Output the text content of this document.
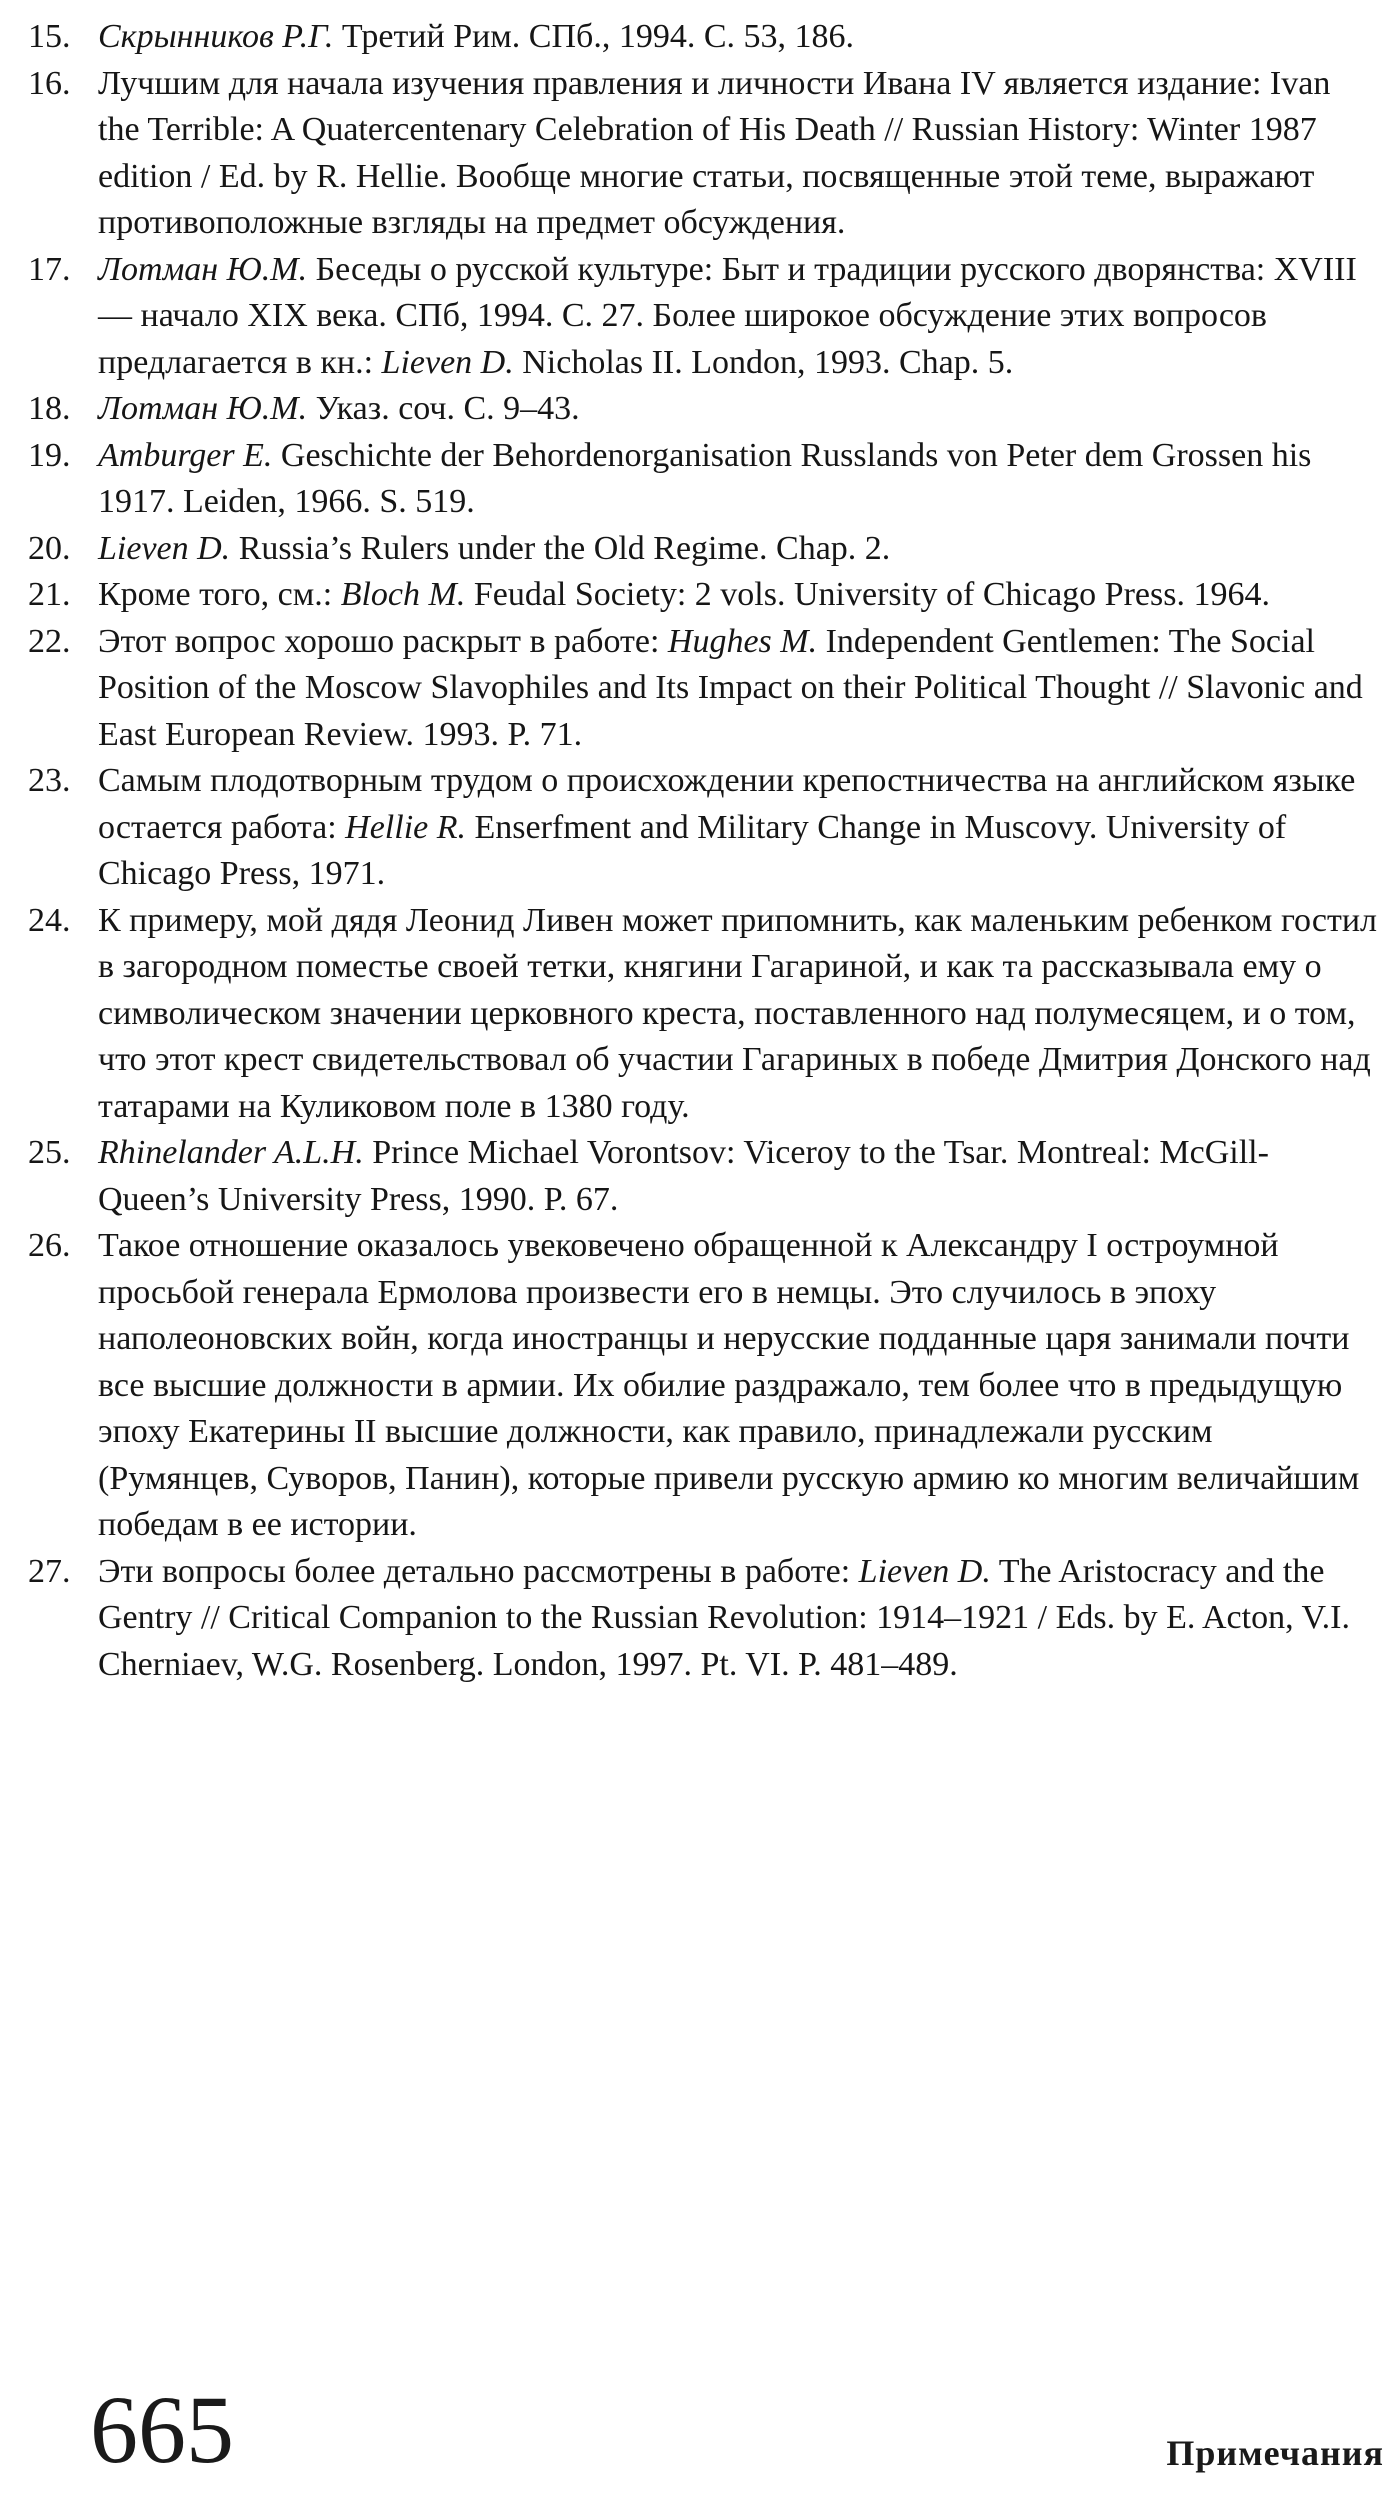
15. Скрынников Р.Г. Третий Рим. СПб., 1994. С. 53, 186.
16. Лучшим для начала изучения правления и личности Ивана IV является издание: Ivan the Terrible: A Quatercentenary Celebration of His Death // Russian History: Winter 1987 edition / Ed. by R. Hellie. Вообще многие статьи, посвященные этой теме, выражают противоположные взгляды на предмет обсуждения.
17. Лотман Ю.М. Беседы о русской культуре: Быт и традиции русского дворянства: XVIII — начало XIX века. СПб, 1994. С. 27. Более широкое обсуждение этих вопросов предлагается в кн.: Lieven D. Nicholas II. London, 1993. Chap. 5.
18. Лотман Ю.М. Указ. соч. С. 9–43.
19. Amburger E. Geschichte der Behordenorganisation Russlands von Peter dem Grossen his 1917. Leiden, 1966. S. 519.
20. Lieven D. Russia’s Rulers under the Old Regime. Chap. 2.
21. Кроме того, см.: Bloch M. Feudal Society: 2 vols. University of Chicago Press. 1964.
22. Этот вопрос хорошо раскрыт в работе: Hughes M. Independent Gentlemen: The Social Position of the Moscow Slavophiles and Its Impact on their Political Thought // Slavonic and East European Review. 1993. P. 71.
23. Самым плодотворным трудом о происхождении крепостничества на английском языке остается работа: Hellie R. Enserfment and Military Change in Muscovy. University of Chicago Press, 1971.
24. К примеру, мой дядя Леонид Ливен может припомнить, как маленьким ребенком гостил в загородном поместье своей тетки, княгини Гагариной, и как та рассказывала ему о символическом значении церковного креста, поставленного над полумесяцем, и о том, что этот крест свидетельствовал об участии Гагариных в победе Дмитрия Донского над татарами на Куликовом поле в 1380 году.
25. Rhinelander A.L.H. Prince Michael Vorontsov: Viceroy to the Tsar. Montreal: McGill-Queen’s University Press, 1990. P. 67.
26. Такое отношение оказалось увековечено обращенной к Александру I остроумной просьбой генерала Ермолова произвести его в немцы. Это случилось в эпоху наполеоновских войн, когда иностранцы и нерусские подданные царя занимали почти все высшие должности в армии. Их обилие раздражало, тем более что в предыдущую эпоху Екатерины II высшие должности, как правило, принадлежали русским (Румянцев, Суворов, Панин), которые привели русскую армию ко многим величайшим победам в ее истории.
27. Эти вопросы более детально рассмотрены в работе: Lieven D. The Aristocracy and the Gentry // Critical Companion to the Russian Revolution: 1914–1921 / Eds. by E. Acton, V.I. Cherniaev, W.G. Rosenberg. London, 1997. Pt. VI. P. 481–489.
665	Примечания
